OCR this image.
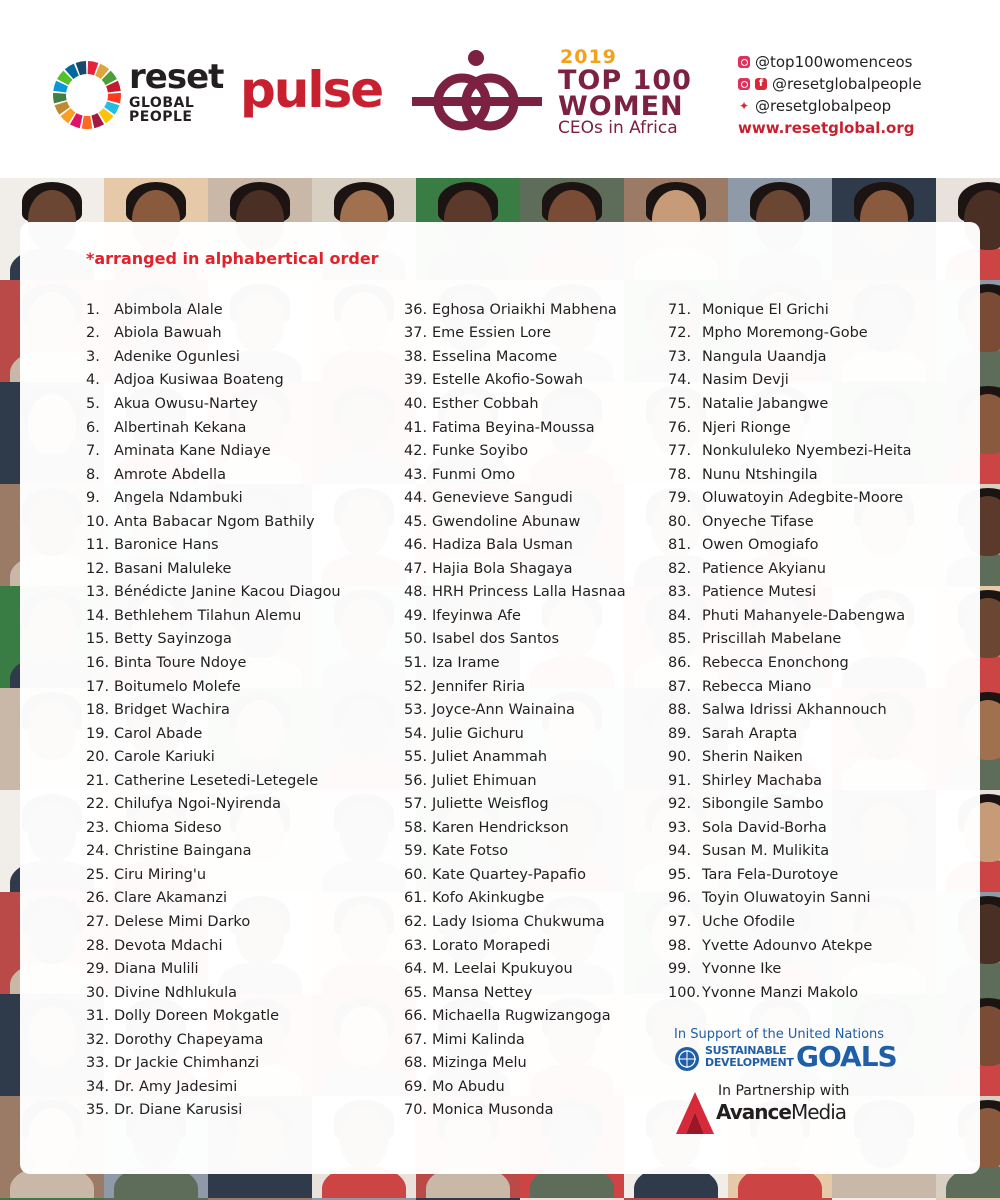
reset
GLOBAL
PEOPLE pulse
2019
TOP 100
WOMEN
CEOs in Africa
@top100womenceos
f @resetglobalpeople
✦ @resetglobalpeop
www.resetglobal.org
*arranged in alphabertical order
1. Abimbola Alale
2. Abiola Bawuah
3. Adenike Ogunlesi
4. Adjoa Kusiwaa Boateng
5. Akua Owusu-Nartey
6. Albertinah Kekana
7. Aminata Kane Ndiaye
8. Amrote Abdella
9. Angela Ndambuki
10. Anta Babacar Ngom Bathily
11. Baronice Hans
12. Basani Maluleke
13. Bénédicte Janine Kacou Diagou
14. Bethlehem Tilahun Alemu
15. Betty Sayinzoga
16. Binta Toure Ndoye
17. Boitumelo Molefe
18. Bridget Wachira
19. Carol Abade
20. Carole Kariuki
21. Catherine Lesetedi-Letegele
22. Chilufya Ngoi-Nyirenda
23. Chioma Sideso
24. Christine Baingana
25. Ciru Miring'u
26. Clare Akamanzi
27. Delese Mimi Darko
28. Devota Mdachi
29. Diana Mulili
30. Divine Ndhlukula
31. Dolly Doreen Mokgatle
32. Dorothy Chapeyama
33. Dr Jackie Chimhanzi
34. Dr. Amy Jadesimi
35. Dr. Diane Karusisi
36. Eghosa Oriaikhi Mabhena
37. Eme Essien Lore
38. Esselina Macome
39. Estelle Akofio-Sowah
40. Esther Cobbah
41. Fatima Beyina-Moussa
42. Funke Soyibo
43. Funmi Omo
44. Genevieve Sangudi
45. Gwendoline Abunaw
46. Hadiza Bala Usman
47. Hajia Bola Shagaya
48. HRH Princess Lalla Hasnaa
49. Ifeyinwa Afe
50. Isabel dos Santos
51. Iza Irame
52. Jennifer Riria
53. Joyce-Ann Wainaina
54. Julie Gichuru
55. Juliet Anammah
56. Juliet Ehimuan
57. Juliette Weisflog
58. Karen Hendrickson
59. Kate Fotso
60. Kate Quartey-Papafio
61. Kofo Akinkugbe
62. Lady Isioma Chukwuma
63. Lorato Morapedi
64. M. Leelai Kpukuyou
65. Mansa Nettey
66. Michaella Rugwizangoga
67. Mimi Kalinda
68. Mizinga Melu
69. Mo Abudu
70. Monica Musonda
71. Monique El Grichi
72. Mpho Moremong-Gobe
73. Nangula Uaandja
74. Nasim Devji
75. Natalie Jabangwe
76. Njeri Rionge
77. Nonkululeko Nyembezi-Heita
78. Nunu Ntshingila
79. Oluwatoyin Adegbite-Moore
80. Onyeche Tifase
81. Owen Omogiafo
82. Patience Akyianu
83. Patience Mutesi
84. Phuti Mahanyele-Dabengwa
85. Priscillah Mabelane
86. Rebecca Enonchong
87. Rebecca Miano
88. Salwa Idrissi Akhannouch
89. Sarah Arapta
90. Sherin Naiken
91. Shirley Machaba
92. Sibongile Sambo
93. Sola David-Borha
94. Susan M. Mulikita
95. Tara Fela-Durotoye
96. Toyin Oluwatoyin Sanni
97. Uche Ofodile
98. Yvette Adounvo Atekpe
99. Yvonne Ike
100. Yvonne Manzi Makolo
In Support of the United Nations
SUSTAINABLE
DEVELOPMENT GOALS
In Partnership with
AvanceMedia
